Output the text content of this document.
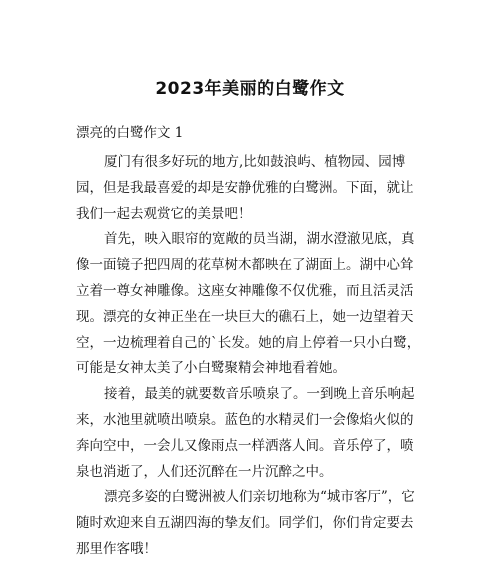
2023年美丽的白鹭作文
漂亮的白鹭作文 1
厦门有很多好玩的地方,比如鼓浪屿、植物园、园博
园，但是我最喜爱的却是安静优雅的白鹭洲。下面，就让
我们一起去观赏它的美景吧！
首先，映入眼帘的宽敞的员当湖，湖水澄澈见底，真
像一面镜子把四周的花草树木都映在了湖面上。湖中心耸
立着一尊女神雕像。这座女神雕像不仅优雅，而且活灵活
现。漂亮的女神正坐在一块巨大的礁石上，她一边望着天
空，一边梳理着自己的`长发。她的肩上停着一只小白鹭，
可能是女神太美了小白鹭聚精会神地看着她。
接着，最美的就要数音乐喷泉了。一到晚上音乐响起
来，水池里就喷出喷泉。蓝色的水精灵们一会像焰火似的
奔向空中，一会儿又像雨点一样洒落人间。音乐停了，喷
泉也消逝了，人们还沉醉在一片沉醉之中。
漂亮多姿的白鹭洲被人们亲切地称为“城市客厅”，它
随时欢迎来自五湖四海的挚友们。同学们，你们肯定要去
那里作客哦！
